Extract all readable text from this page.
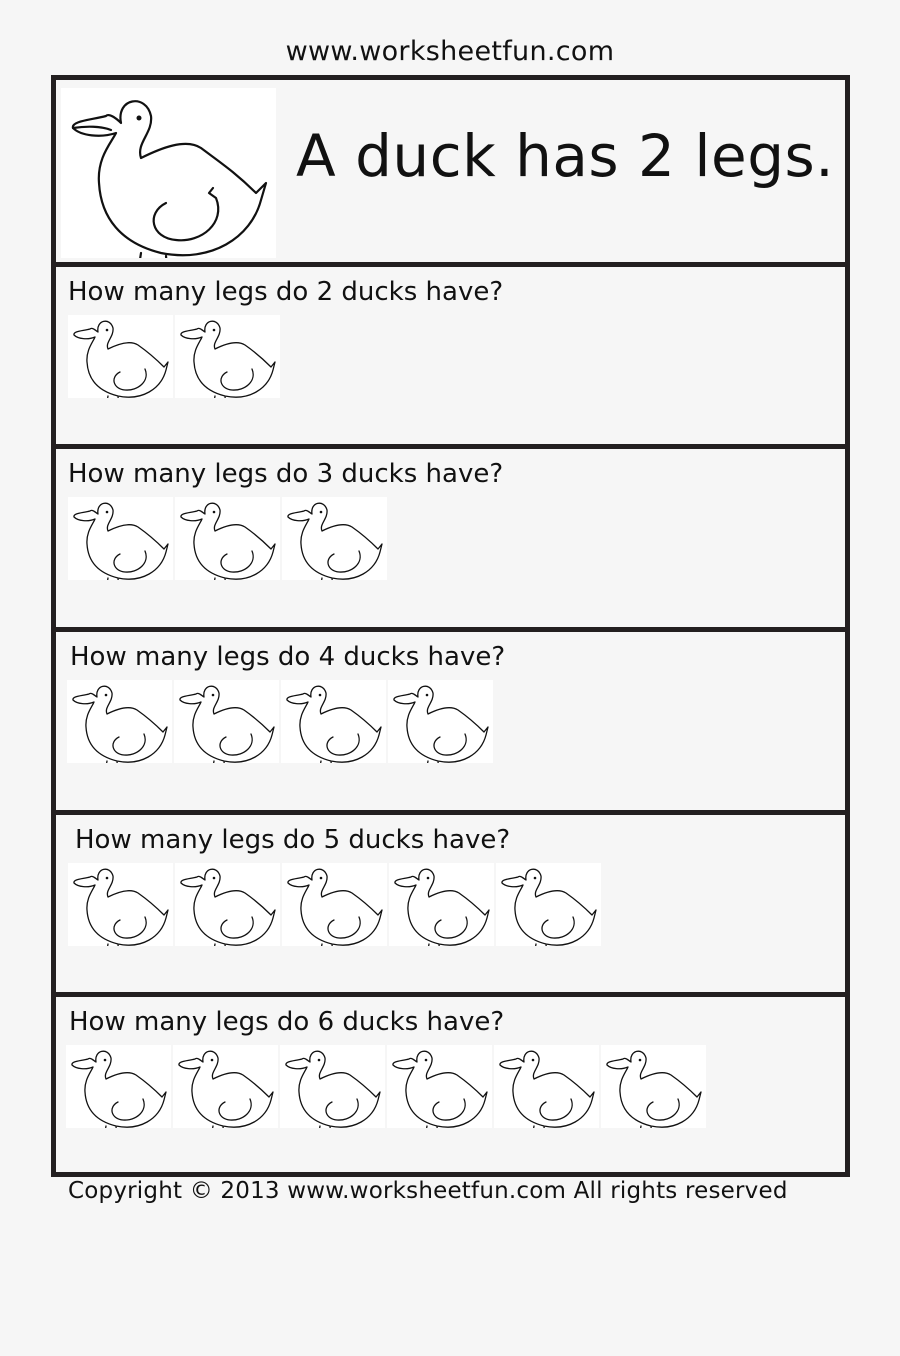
www.worksheetfun.com
A duck has 2 legs.
How many legs do 2 ducks have?
How many legs do 3 ducks have?
How many legs do 4 ducks have?
How many legs do 5 ducks have?
How many legs do 6 ducks have?
Copyright © 2013 www.worksheetfun.com All rights reserved
